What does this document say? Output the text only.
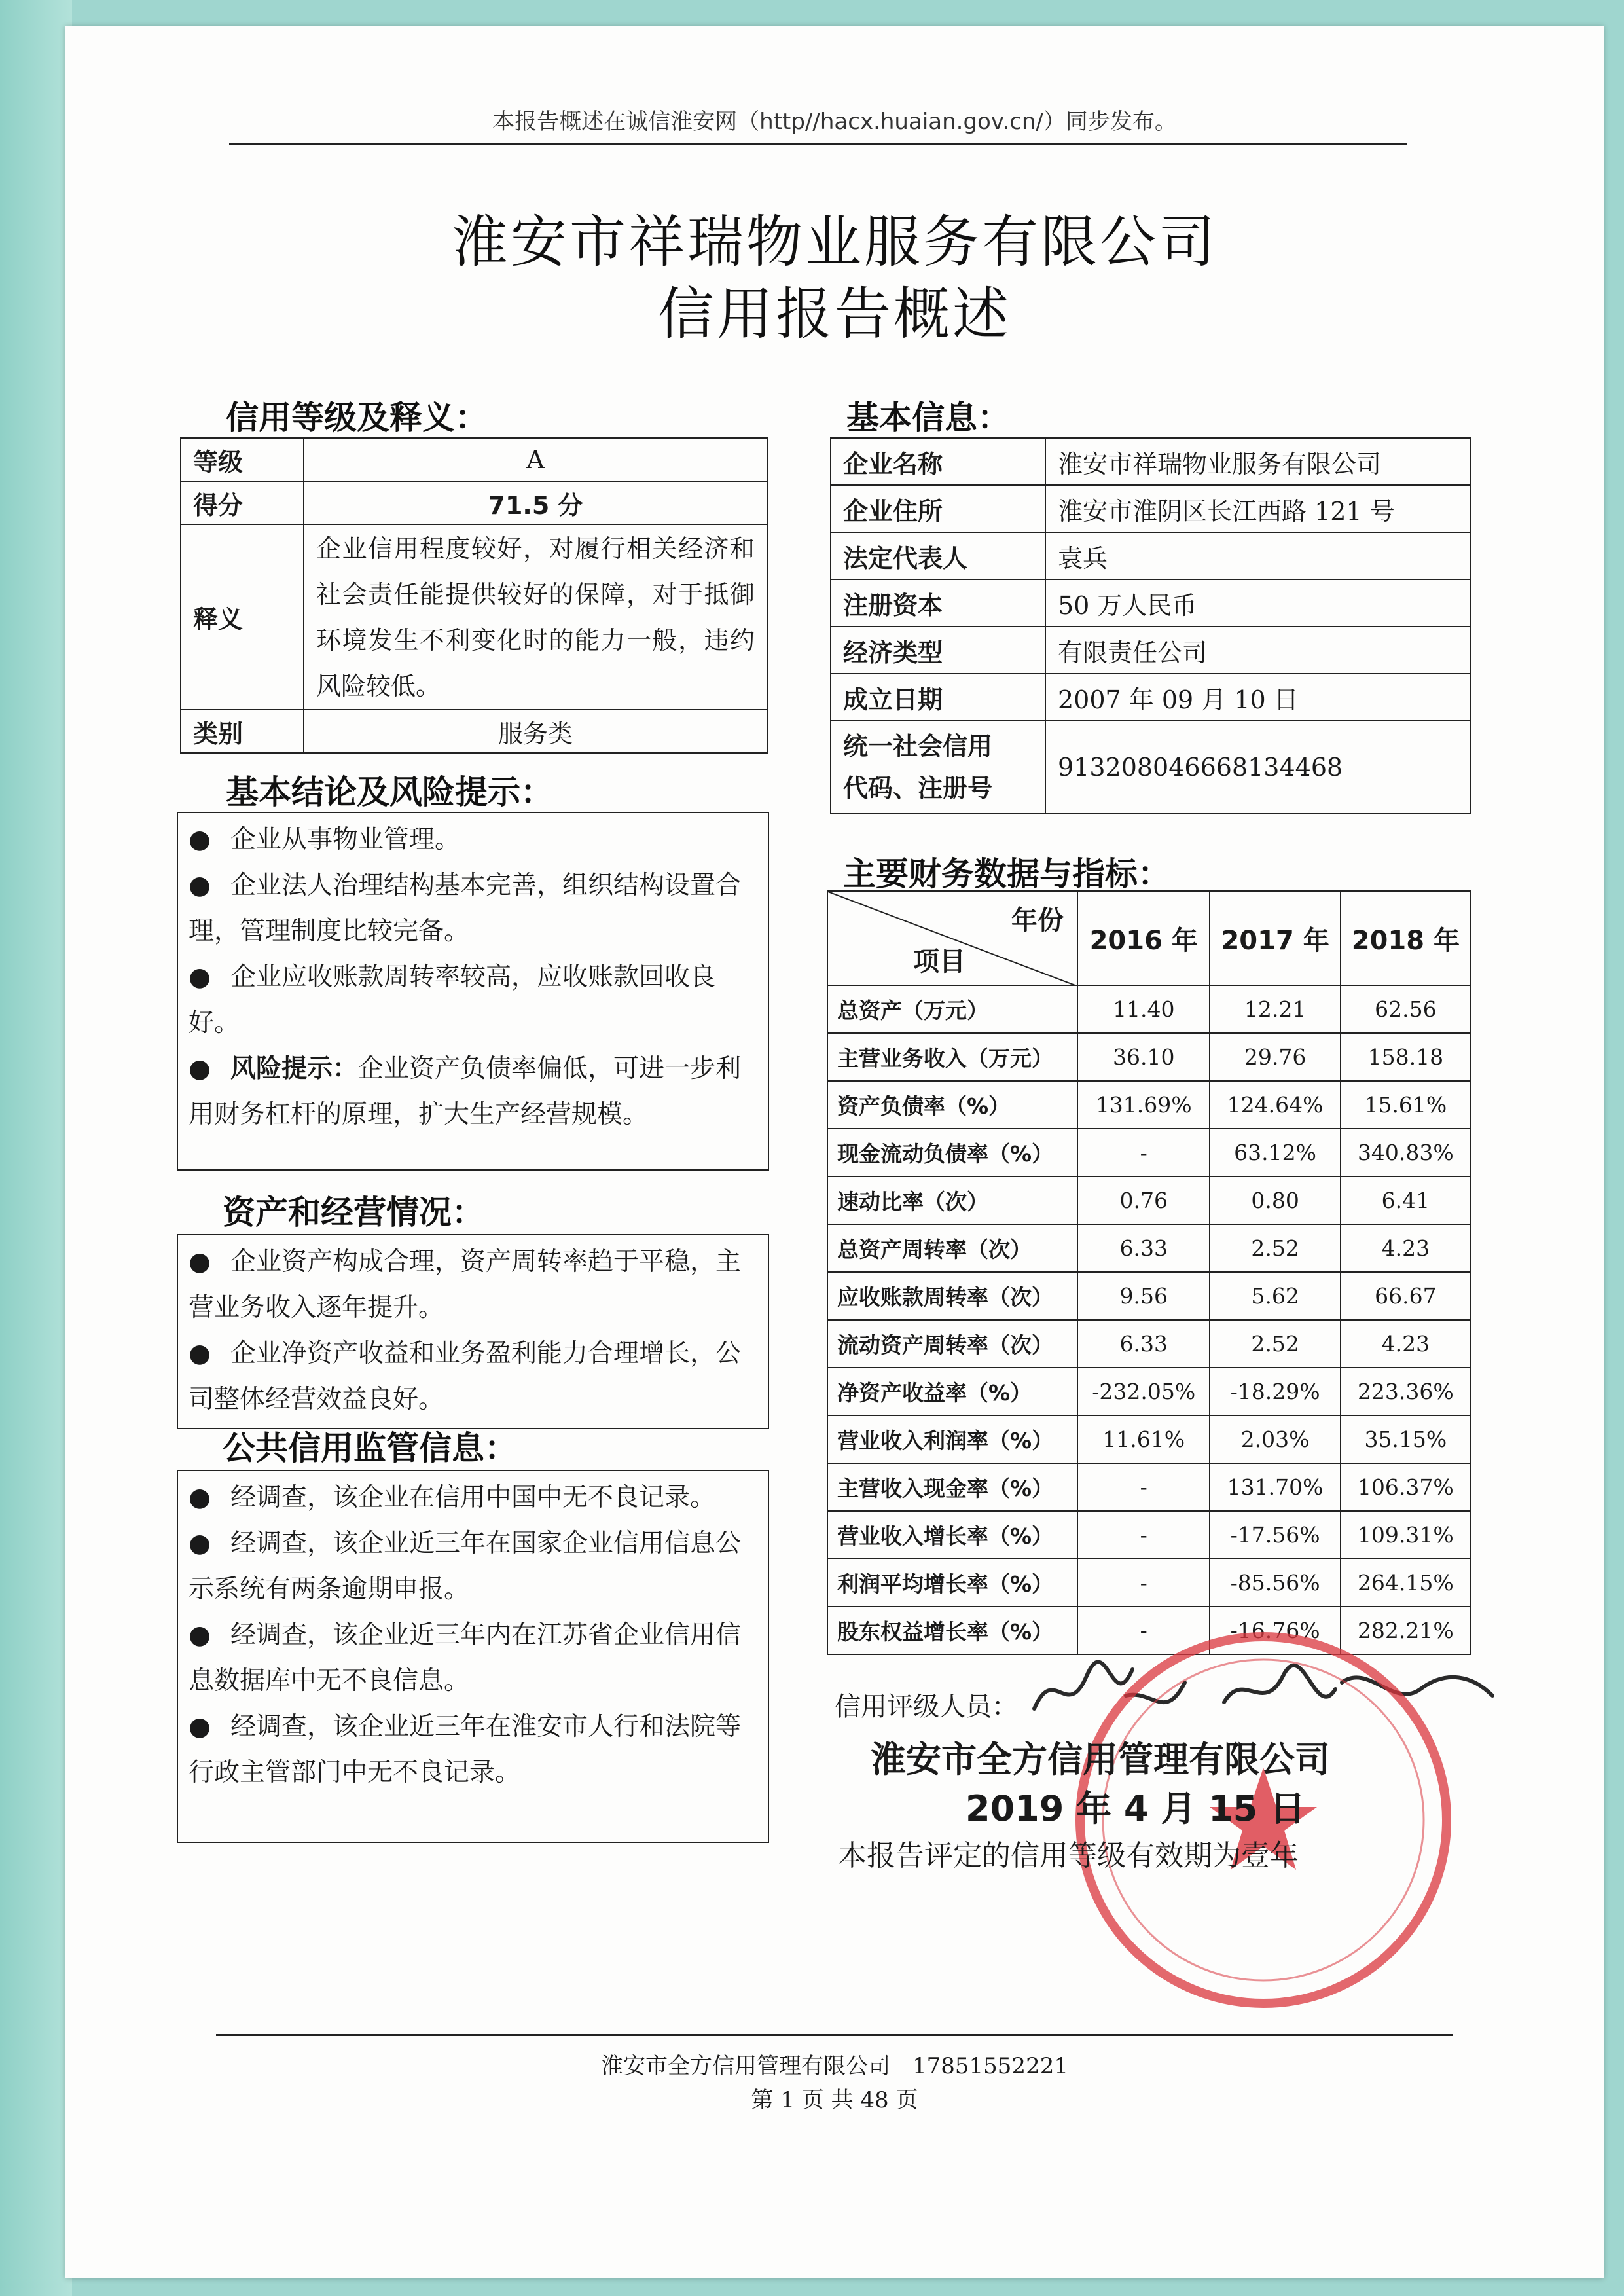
本报告概述在诚信淮安网（http//hacx.huaian.gov.cn/）同步发布。
淮安市祥瑞物业服务有限公司
信用报告概述
信用等级及释义：
等级	A
得分	71.5 分
释义	企业信用程度较好，对履行相关经济和社会责任能提供较好的保障，对于抵御环境发生不利变化时的能力一般，违约风险较低。
类别	服务类
基本信息：
企业名称	淮安市祥瑞物业服务有限公司
企业住所	淮安市淮阴区长江西路 121 号
法定代表人	袁兵
注册资本	50 万人民币
经济类型	有限责任公司
成立日期	2007 年 09 月 10 日

统一社会信用
代码、注册号	913208046668134468
基本结论及风险提示：

● 企业从事物业管理。

● 企业法人治理结构基本完善，组织结构设置合理，管理制度比较完备。

● 企业应收账款周转率较高，应收账款回收良好。

● 风险提示：企业资产负债率偏低，可进一步利用财务杠杆的原理，扩大生产经营规模。

资产和经营情况：

● 企业资产构成合理，资产周转率趋于平稳，主营业务收入逐年提升。

● 企业净资产收益和业务盈利能力合理增长，公司整体经营效益良好。

公共信用监管信息：

● 经调查，该企业在信用中国中无不良记录。

● 经调查，该企业近三年在国家企业信用信息公示系统有两条逾期申报。

● 经调查，该企业近三年内在江苏省企业信用信息数据库中无不良信息。

● 经调查，该企业近三年在淮安市人行和法院等行政主管部门中无不良记录。

主要财务数据与指标：
年份
项目	2016 年	2017 年	2018 年
总资产（万元）	11.40	12.21	62.56
主营业务收入（万元）	36.10	29.76	158.18
资产负债率（%）	131.69%	124.64%	15.61%
现金流动负债率（%）	-	63.12%	340.83%
速动比率（次）	0.76	0.80	6.41
总资产周转率（次）	6.33	2.52	4.23
应收账款周转率（次）	9.56	5.62	66.67
流动资产周转率（次）	6.33	2.52	4.23
净资产收益率（%）	-232.05%	-18.29%	223.36%
营业收入利润率（%）	11.61%	2.03%	35.15%
主营收入现金率（%）	-	131.70%	106.37%
营业收入增长率（%）	-	-17.56%	109.31%
利润平均增长率（%）	-	-85.56%	264.15%
股东权益增长率（%）	-	-16.76%	282.21%
信用评级人员：
淮安市全方信用管理有限公司
2019 年 4 月 15 日
本报告评定的信用等级有效期为壹年
淮安市全方信用管理有限公司　17851552221
第 1 页 共 48 页
